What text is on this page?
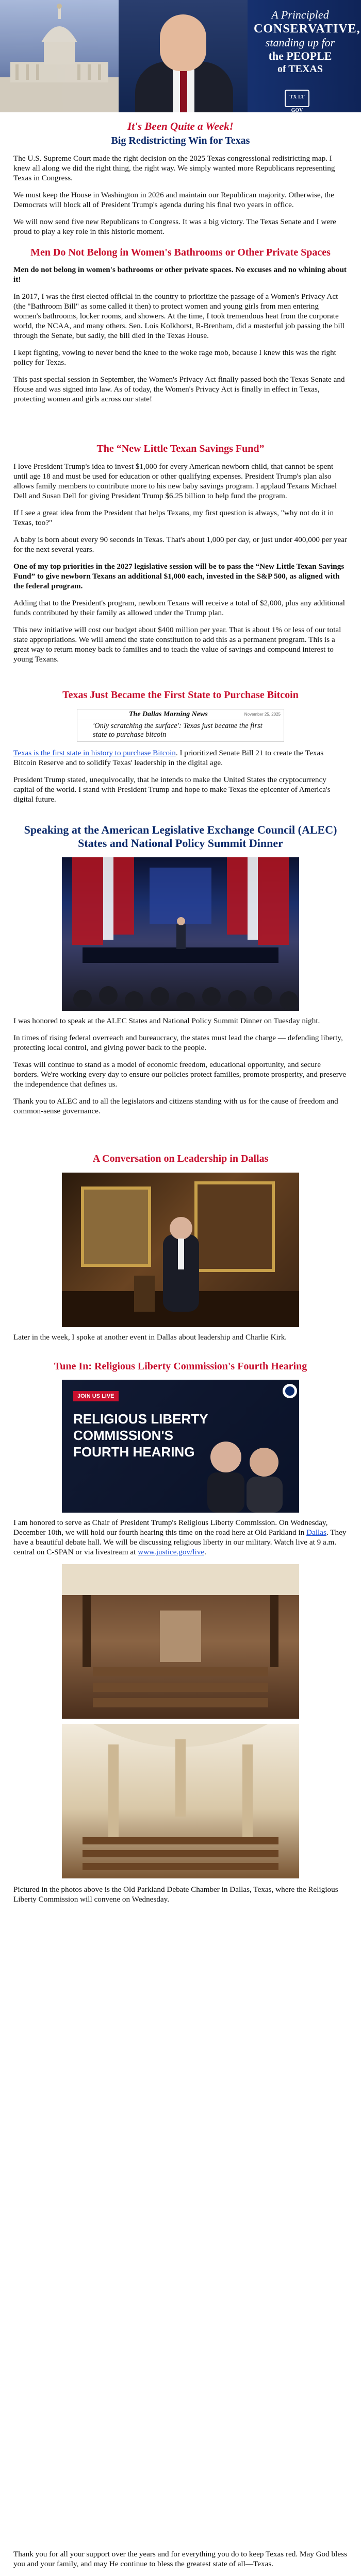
A Principled
CONSERVATIVE,
standing up for
the PEOPLE
of TEXAS
TX LT GOV
It's Been Quite a Week!
Big Redistricting Win for Texas

The U.S. Supreme Court made the right decision on the 2025 Texas congressional redistricting map. I knew all along we did the right thing, the right way. We simply wanted more Republicans representing Texas in Congress.

We must keep the House in Washington in 2026 and maintain our Republican majority. Otherwise, the Democrats will block all of President Trump's agenda during his final two years in office.

We will now send five new Republicans to Congress. It was a big victory. The Texas Senate and I were proud to play a key role in this historic moment.

Men Do Not Belong in Women's Bathrooms or Other Private Spaces

Men do not belong in women's bathrooms or other private spaces. No excuses and no whining about it!

In 2017, I was the first elected official in the country to prioritize the passage of a Women's Privacy Act (the "Bathroom Bill" as some called it then) to protect women and young girls from men entering women's bathrooms, locker rooms, and showers. At the time, I took tremendous heat from the corporate world, the NCAA, and many others. Sen. Lois Kolkhorst, R-Brenham, did a masterful job passing the bill through the Senate, but sadly, the bill died in the Texas House.

I kept fighting, vowing to never bend the knee to the woke rage mob, because I knew this was the right policy for Texas.

This past special session in September, the Women's Privacy Act finally passed both the Texas Senate and House and was signed into law. As of today, the Women's Privacy Act is finally in effect in Texas, protecting women and girls across our state!

The “New Little Texan Savings Fund”

I love President Trump's idea to invest $1,000 for every American newborn child, that cannot be spent until age 18 and must be used for education or other qualifying expenses. President Trump's plan also allows family members to contribute more to his new baby savings program. I applaud Texans Michael Dell and Susan Dell for giving President Trump $6.25 billion to help fund the program.

If I see a great idea from the President that helps Texans, my first question is always, "why not do it in Texas, too?"

A baby is born about every 90 seconds in Texas. That's about 1,000 per day, or just under 400,000 per year for the next several years.

One of my top priorities in the 2027 legislative session will be to pass the “New Little Texan Savings Fund” to give newborn Texans an additional $1,000 each, invested in the S&P 500, as aligned with the federal program.

Adding that to the President's program, newborn Texans will receive a total of $2,000, plus any additional funds contributed by their family as allowed under the Trump plan.

This new initiative will cost our budget about $400 million per year. That is about 1% or less of our total state appropriations. We will amend the state constitution to add this as a permanent program. This is a great way to return money back to families and to teach the value of savings and compound interest to young Texans.

Texas Just Became the First State to Purchase Bitcoin
The Dallas Morning News	November 25, 2025
'Only scratching the surface': Texas just became the first state to purchase bitcoin

Texas is the first state in history to purchase Bitcoin. I prioritized Senate Bill 21 to create the Texas Bitcoin Reserve and to solidify Texas' leadership in the digital age.

President Trump stated, unequivocally, that he intends to make the United States the cryptocurrency capital of the world. I stand with President Trump and hope to make Texas the epicenter of America's digital future.

Speaking at the American Legislative Exchange Council (ALEC) States and National Policy Summit Dinner

I was honored to speak at the ALEC States and National Policy Summit Dinner on Tuesday night.

In times of rising federal overreach and bureaucracy, the states must lead the charge — defending liberty, protecting local control, and giving power back to the people.

Texas will continue to stand as a model of economic freedom, educational opportunity, and secure borders. We're working every day to ensure our policies protect families, promote prosperity, and preserve the independence that defines us.

Thank you to ALEC and to all the legislators and citizens standing with us for the cause of freedom and common-sense governance.

A Conversation on Leadership in Dallas

Later in the week, I spoke at another event in Dallas about leadership and Charlie Kirk.

Tune In: Religious Liberty Commission's Fourth Hearing
JOIN US LIVE
RELIGIOUS LIBERTY
COMMISSION'S
FOURTH HEARING

I am honored to serve as Chair of President Trump's Religious Liberty Commission. On Wednesday, December 10th, we will hold our fourth hearing this time on the road here at Old Parkland in Dallas. They have a beautiful debate hall. We will be discussing religious liberty in our military. Watch live at 9 a.m. central on C-SPAN or via livestream at www.justice.gov/live.

Pictured in the photos above is the Old Parkland Debate Chamber in Dallas, Texas, where the Religious Liberty Commission will convene on Wednesday.

Thank you for all your support over the years and for everything you do to keep Texas red. May God bless you and your family, and may He continue to bless the greatest state of all—Texas.
